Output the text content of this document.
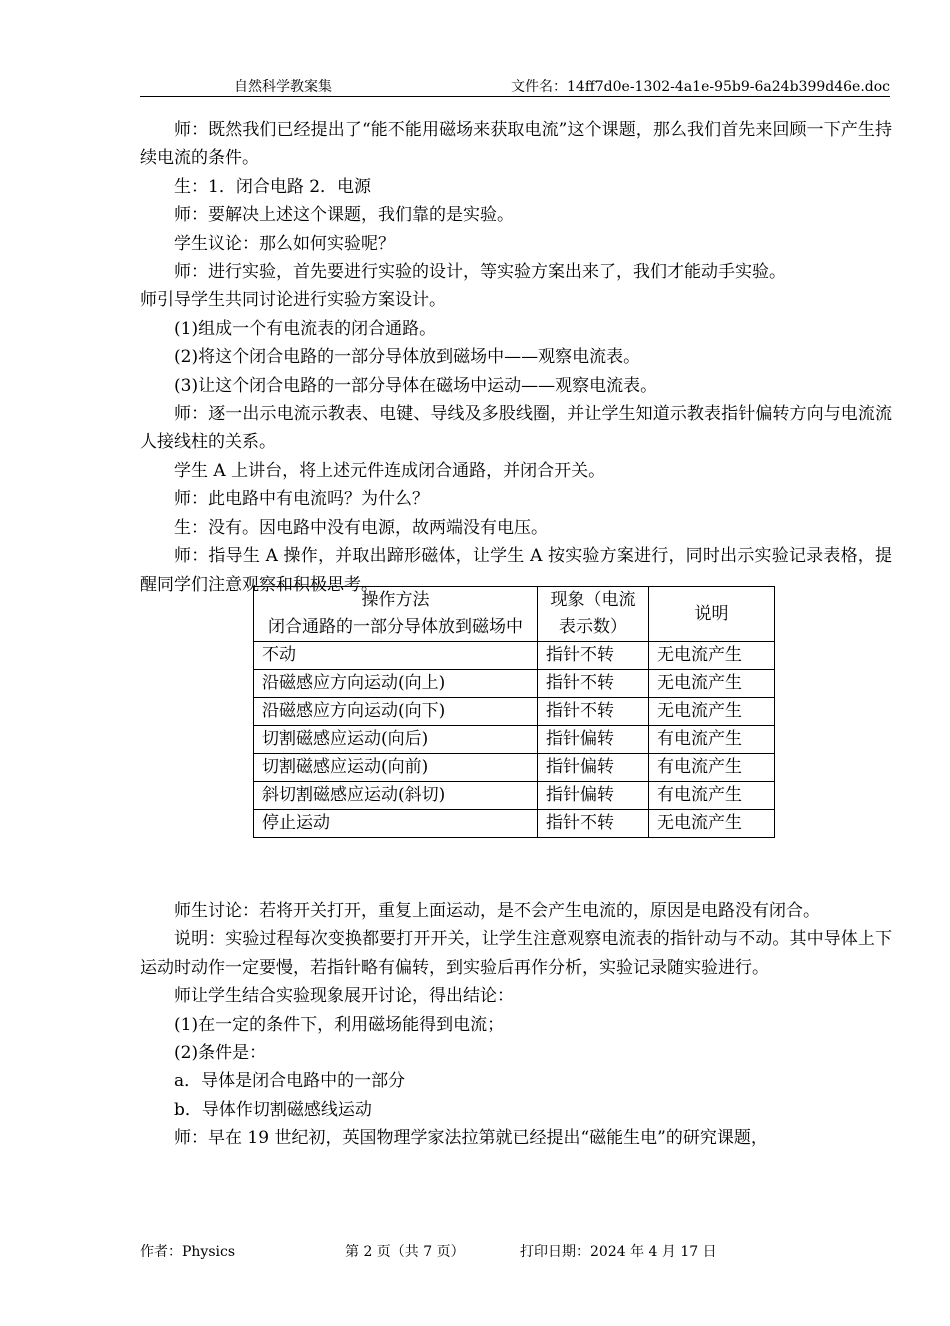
自然科学教案集	文件名：14ff7d0e-1302-4a1e-95b9-6a24b399d46e.doc

师：既然我们已经提出了“能不能用磁场来获取电流”这个课题，那么我们首先来回顾一下产生持续电流的条件。

生：1．闭合电路 2．电源

师：要解决上述这个课题，我们靠的是实验。

学生议论：那么如何实验呢？

师：进行实验，首先要进行实验的设计，等实验方案出来了，我们才能动手实验。

师引导学生共同讨论进行实验方案设计。

(1)组成一个有电流表的闭合通路。

(2)将这个闭合电路的一部分导体放到磁场中——观察电流表。

(3)让这个闭合电路的一部分导体在磁场中运动——观察电流表。

师：逐一出示电流示教表、电键、导线及多股线圈，并让学生知道示教表指针偏转方向与电流流人接线柱的关系。

学生 A 上讲台，将上述元件连成闭合通路，并闭合开关。

师：此电路中有电流吗？为什么？

生：没有。因电路中没有电源，故两端没有电压。

师：指导生 A 操作，并取出蹄形磁体，让学生 A 按实验方案进行，同时出示实验记录表格，提醒同学们注意观察和积极思考。

操作方法
闭合通路的一部分导体放到磁场中	现象（电流表示数）	说明
不动	指针不转	无电流产生
沿磁感应方向运动(向上)	指针不转	无电流产生
沿磁感应方向运动(向下)	指针不转	无电流产生
切割磁感应运动(向后)	指针偏转	有电流产生
切割磁感应运动(向前)	指针偏转	有电流产生
斜切割磁感应运动(斜切)	指针偏转	有电流产生
停止运动	指针不转	无电流产生

师生讨论：若将开关打开，重复上面运动，是不会产生电流的，原因是电路没有闭合。

说明：实验过程每次变换都要打开开关，让学生注意观察电流表的指针动与不动。其中导体上下运动时动作一定要慢，若指针略有偏转，到实验后再作分析，实验记录随实验进行。

师让学生结合实验现象展开讨论，得出结论：

(1)在一定的条件下，利用磁场能得到电流；

(2)条件是：

a．导体是闭合电路中的一部分

b．导体作切割磁感线运动

师：早在 19 世纪初，英国物理学家法拉第就已经提出“磁能生电”的研究课题，

作者：Physics	第 2 页（共 7 页）	打印日期：2024 年 4 月 17 日
